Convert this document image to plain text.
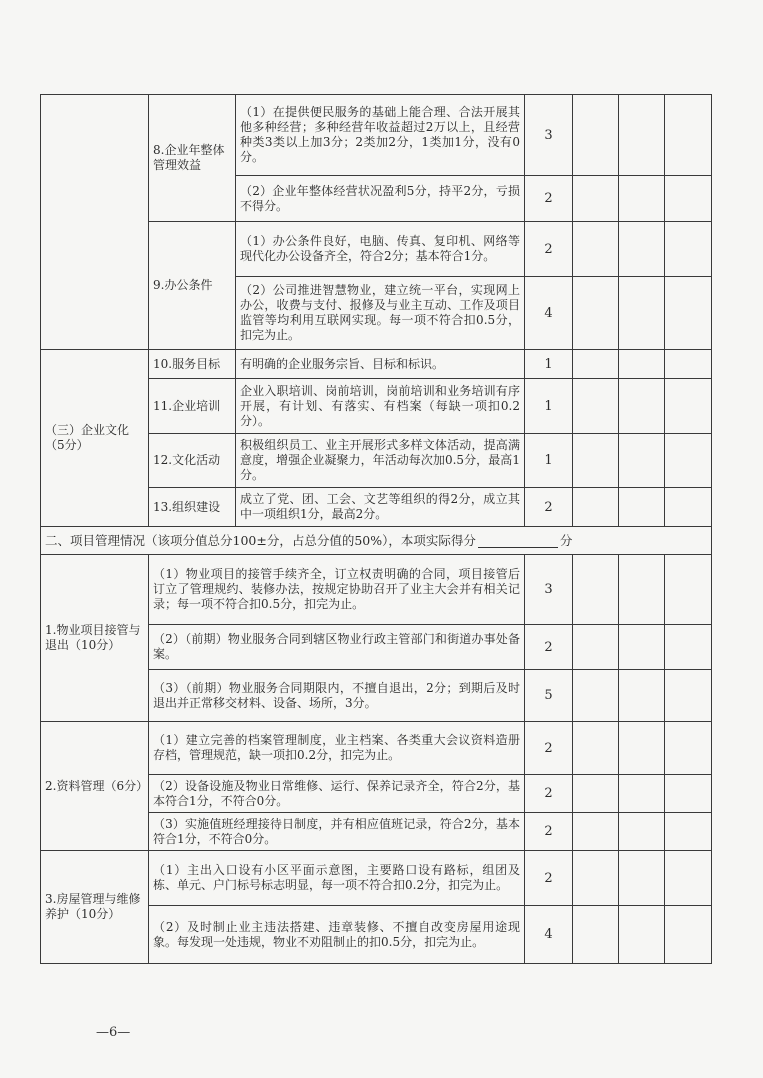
	8.企业年整体管理效益	（1）在提供便民服务的基础上能合理、合法开展其他多种经营；多种经营年收益超过2万以上，且经营种类3类以上加3分；2类加2分，1类加1分，没有0分。	3			
		（2）企业年整体经营状况盈利5分，持平2分，亏损不得分。	2			
	9.办公条件	（1）办公条件良好，电脑、传真、复印机、网络等现代化办公设备齐全，符合2分；基本符合1分。	2			
		（2）公司推进智慧物业，建立统一平台，实现网上办公，收费与支付、报修及与业主互动、工作及项目监管等均利用互联网实现。每一项不符合扣0.5分，扣完为止。	4			
（三）企业文化（5分）	10.服务目标	有明确的企业服务宗旨、目标和标识。	1			
	11.企业培训	企业入职培训、岗前培训，岗前培训和业务培训有序开展，有计划、有落实、有档案（每缺一项扣0.2分）。	1			
	12.文化活动	积极组织员工、业主开展形式多样文体活动，提高满意度，增强企业凝聚力，年活动每次加0.5分，最高1分。	1			
	13.组织建设	成立了党、团、工会、文艺等组织的得2分，成立其中一项组织1分，最高2分。	2			
二、项目管理情况（该项分值总分100±分，占总分值的50%），本项实际得分 分						
1.物业项目接管与退出（10分）	（1）物业项目的接管手续齐全，订立权责明确的合同，项目接管后订立了管理规约、装修办法，按规定协助召开了业主大会并有相关记录；每一项不符合扣0.5分，扣完为止。		3			
	（2）（前期）物业服务合同到辖区物业行政主管部门和街道办事处备案。		2			
	（3）（前期）物业服务合同期限内，不擅自退出，2分；到期后及时退出并正常移交材料、设备、场所，3分。		5			
2.资料管理（6分）	（1）建立完善的档案管理制度，业主档案、各类重大会议资料造册存档，管理规范，缺一项扣0.2分，扣完为止。		2			
	（2）设备设施及物业日常维修、运行、保养记录齐全，符合2分，基本符合1分，不符合0分。		2			
	（3）实施值班经理接待日制度，并有相应值班记录，符合2分，基本符合1分，不符合0分。		2			
3.房屋管理与维修养护（10分）	（1）主出入口设有小区平面示意图，主要路口设有路标，组团及栋、单元、户门标号标志明显，每一项不符合扣0.2分，扣完为止。		2			
	（2）及时制止业主违法搭建、违章装修、不擅自改变房屋用途现象。每发现一处违规，物业不劝阻制止的扣0.5分，扣完为止。		4			
—6—
